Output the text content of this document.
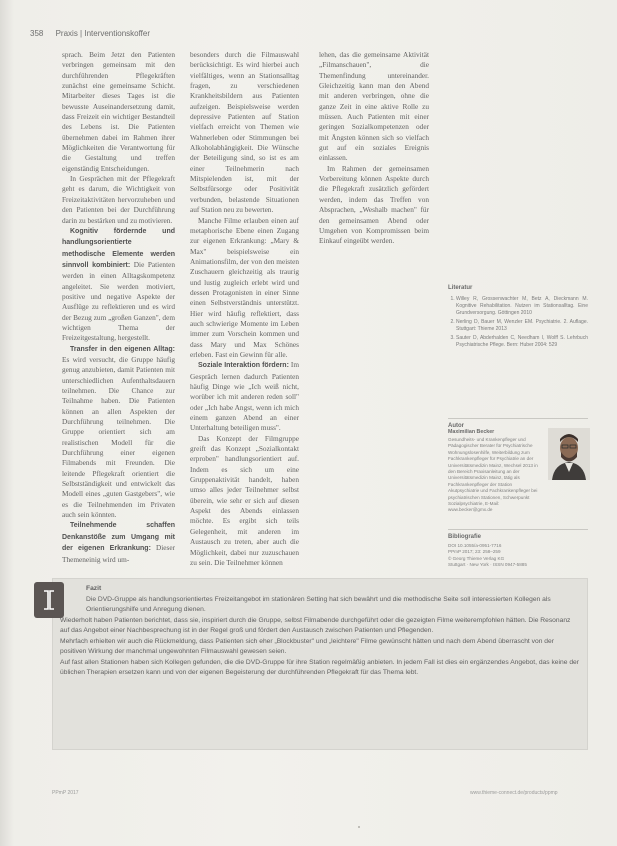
358 Praxis | Interventionskoffer

sprach. Beim Jetzt den Patienten verbringen gemeinsam mit den durchführenden Pflegekräften zunächst eine gemeinsame Schicht. Mitarbeiter dieses Tages ist die bewusste Auseinandersetzung damit, dass Freizeit ein wichtiger Bestandteil des Lebens ist. Die Patienten übernehmen dabei im Rahmen ihrer Möglichkeiten die Verantwortung für die Gestaltung und treffen eigenständig Entscheidungen.

In Gesprächen mit der Pflegekraft geht es darum, die Wichtigkeit von Freizeitaktivitäten hervorzuheben und den Patienten bei der Durchführung darin zu bestärken und zu motivieren.

Kognitiv fördernde und handlungsorientierte methodische Elemente werden sinnvoll kombiniert: Die Patienten werden in einen Alltagskompetenz angeleitet. Sie werden motiviert, positive und negative Aspekte der Ausflüge zu reflektieren und es wird der Bezug zum „großen Ganzen", dem wichtigen Thema der Freizeitgestaltung, hergestellt.

Transfer in den eigenen Alltag: Es wird versucht, die Gruppe häufig genug anzubieten, damit Patienten mit unterschiedlichen Aufenthaltsdauern teilnehmen. Die Chance zur Teilnahme haben. Die Patienten können an allen Aspekten der Durchführung teilnehmen. Die Gruppe orientiert sich am realistischen Modell für die Durchführung einer eigenen Filmabends mit Freunden. Die leitende Pflegekraft orientiert die Selbstständigkeit und entwickelt das Modell eines „guten Gastgebers", wie es die Teilnehmenden im Privaten auch sein könnten.

Teilnehmende schaffen Denkanstöße zum Umgang mit der eigenen Erkrankung: Dieser Themeneinig wird um-

besonders durch die Filmauswahl berücksichtigt. Es wird hierbei auch vielfältiges, wenn an Stationsalltag fragen, zu verschiedenen Krankheitsbildern aus Patienten aufzeigen. Beispielsweise werden depressive Patienten auf Station vielfach erreicht von Themen wie Wahnerleben oder Stimmungen bei Alkoholabhängigkeit. Die Wünsche der Beteiligung sind, so ist es am einer Teilnehmerin nach Mitspielenden ist, mit der Selbstfürsorge oder Positivität verbunden, belastende Situationen auf Station neu zu bewerten.

Manche Filme erlauben einen auf metaphorische Ebene einen Zugang zur eigenen Erkrankung: „Mary & Max" beispielsweise ein Animationsfilm, der von den meisten Zuschauern gleichzeitig als traurig und lustig zugleich erlebt wird und dessen Protagonisten in einer Sinne einen Selbstverständnis unterstützt. Hier wird häufig reflektiert, dass auch schwierige Momente im Leben immer zum Vorschein kommen und dass Mary und Max Schönes erleben. Fast ein Gewinn für alle.

Soziale Interaktion fördern: Im Gespräch lernen dadurch Patienten häufig Dinge wie „Ich weiß nicht, worüber ich mit anderen reden soll" oder „Ich habe Angst, wenn ich mich einem ganzen Abend an einer Unterhaltung beteiligen muss".

Das Konzept der Filmgruppe greift das Konzept „Sozialkontakt erproben" handlungsorientiert auf. Indem es sich um eine Gruppenaktivität handelt, haben umso alles jeder Teilnehmer selbst überein, wie sehr er sich auf diesen Aspekt des Abends einlassen möchte. Es ergibt sich teils Gelegenheit, mit anderen im Austausch zu treten, aber auch die Möglichkeit, dabei nur zuzuschauen zu sein. Die Teilnehmer können

lehen, das die gemeinsame Aktivität „Filmanschauen", die Themenfindung untereinander. Gleichzeitig kann man den Abend mit anderen verbringen, ohne die ganze Zeit in eine aktive Rolle zu müssen. Auch Patienten mit einer geringen Sozialkompetenzen oder mit Ängsten können sich so vielfach gut auf ein soziales Ereignis einlassen.

Im Rahmen der gemeinsamen Vorbereitung können Aspekte durch die Pflegekraft zusätzlich gefördert werden, indem das Treffen von Absprachen, „Weshalb machen" für den gemeinsamen Abend oder Umgehen von Kompromissen beim Einkauf eingeübt werden.

Literatur
1. Willey R, Grossenwachter M, Betz A, Dieckmann M. Kognitive Rehabilitation. Nutzen im Stationsalltag. Eine Grundversorgung. Göttingen 2010
2. Nerling D, Bauer M, Wenzler EM. Psychiatrie. 2. Auflage. Stuttgart: Thieme 2013
3. Sauter D, Abderhalden C, Needham I, Wolff S. Lehrbuch Psychiatrische Pflege. Bern: Huber 2004: 529
Autor
Maximilian Becker
Gesundheits- und Krankenpfleger und Pädagogischer Berater für Psychiatrische Wohnungslosenhilfe, Weiterbildung zum Fachkrankenpfleger für Psychiatrie an der Universitätsmedizin Mainz, Wechsel 2013 in den Bereich Praxisanleitung an der Universitätsmedizin Mainz, tätig als Fachkrankenpfleger der Station Akutpsychiatrie und Fachkrankenpfleger bei psychiatrischen Stationen, Schwerpunkt Sozialpsychiatrie, E-Mail: www.becker@gmx.de
Bibliografie
DOI 10.1055/a-0951-7716
PPmP 2017; 23: 258–259
© Georg Thieme Verlag KG
Stuttgart · New York · ISSN 0947-5885

Fazit

Die DVD-Gruppe als handlungsorientiertes Freizeitangebot im stationären Setting hat sich bewährt und die methodische Seite soll interessierten Kollegen als Orientierungshilfe und Anregung dienen.

Wiederholt haben Patienten berichtet, dass sie, inspiriert durch die Gruppe, selbst Filmabende durchgeführt oder die gezeigten Filme weiterempfohlen hätten. Die Resonanz auf das Angebot einer Nachbesprechung ist in der Regel groß und fördert den Austausch zwischen Patienten und Pflegenden.

Mehrfach erhielten wir auch die Rückmeldung, dass Patienten sich eher „Blockbuster" und „leichtere" Filme gewünscht hätten und nach dem Abend überrascht von der positiven Wirkung der manchmal ungewohnten Filmauswahl gewesen seien.

Auf fast allen Stationen haben sich Kollegen gefunden, die die DVD-Gruppe für ihre Station regelmäßig anbieten. In jedem Fall ist dies ein ergänzendes Angebot, das keine der üblichen Therapien ersetzen kann und von der eigenen Begeisterung der durchführenden Pflegekraft für das Thema lebt.

PPmP 2017	www.thieme-connect.de/products/ppmp
